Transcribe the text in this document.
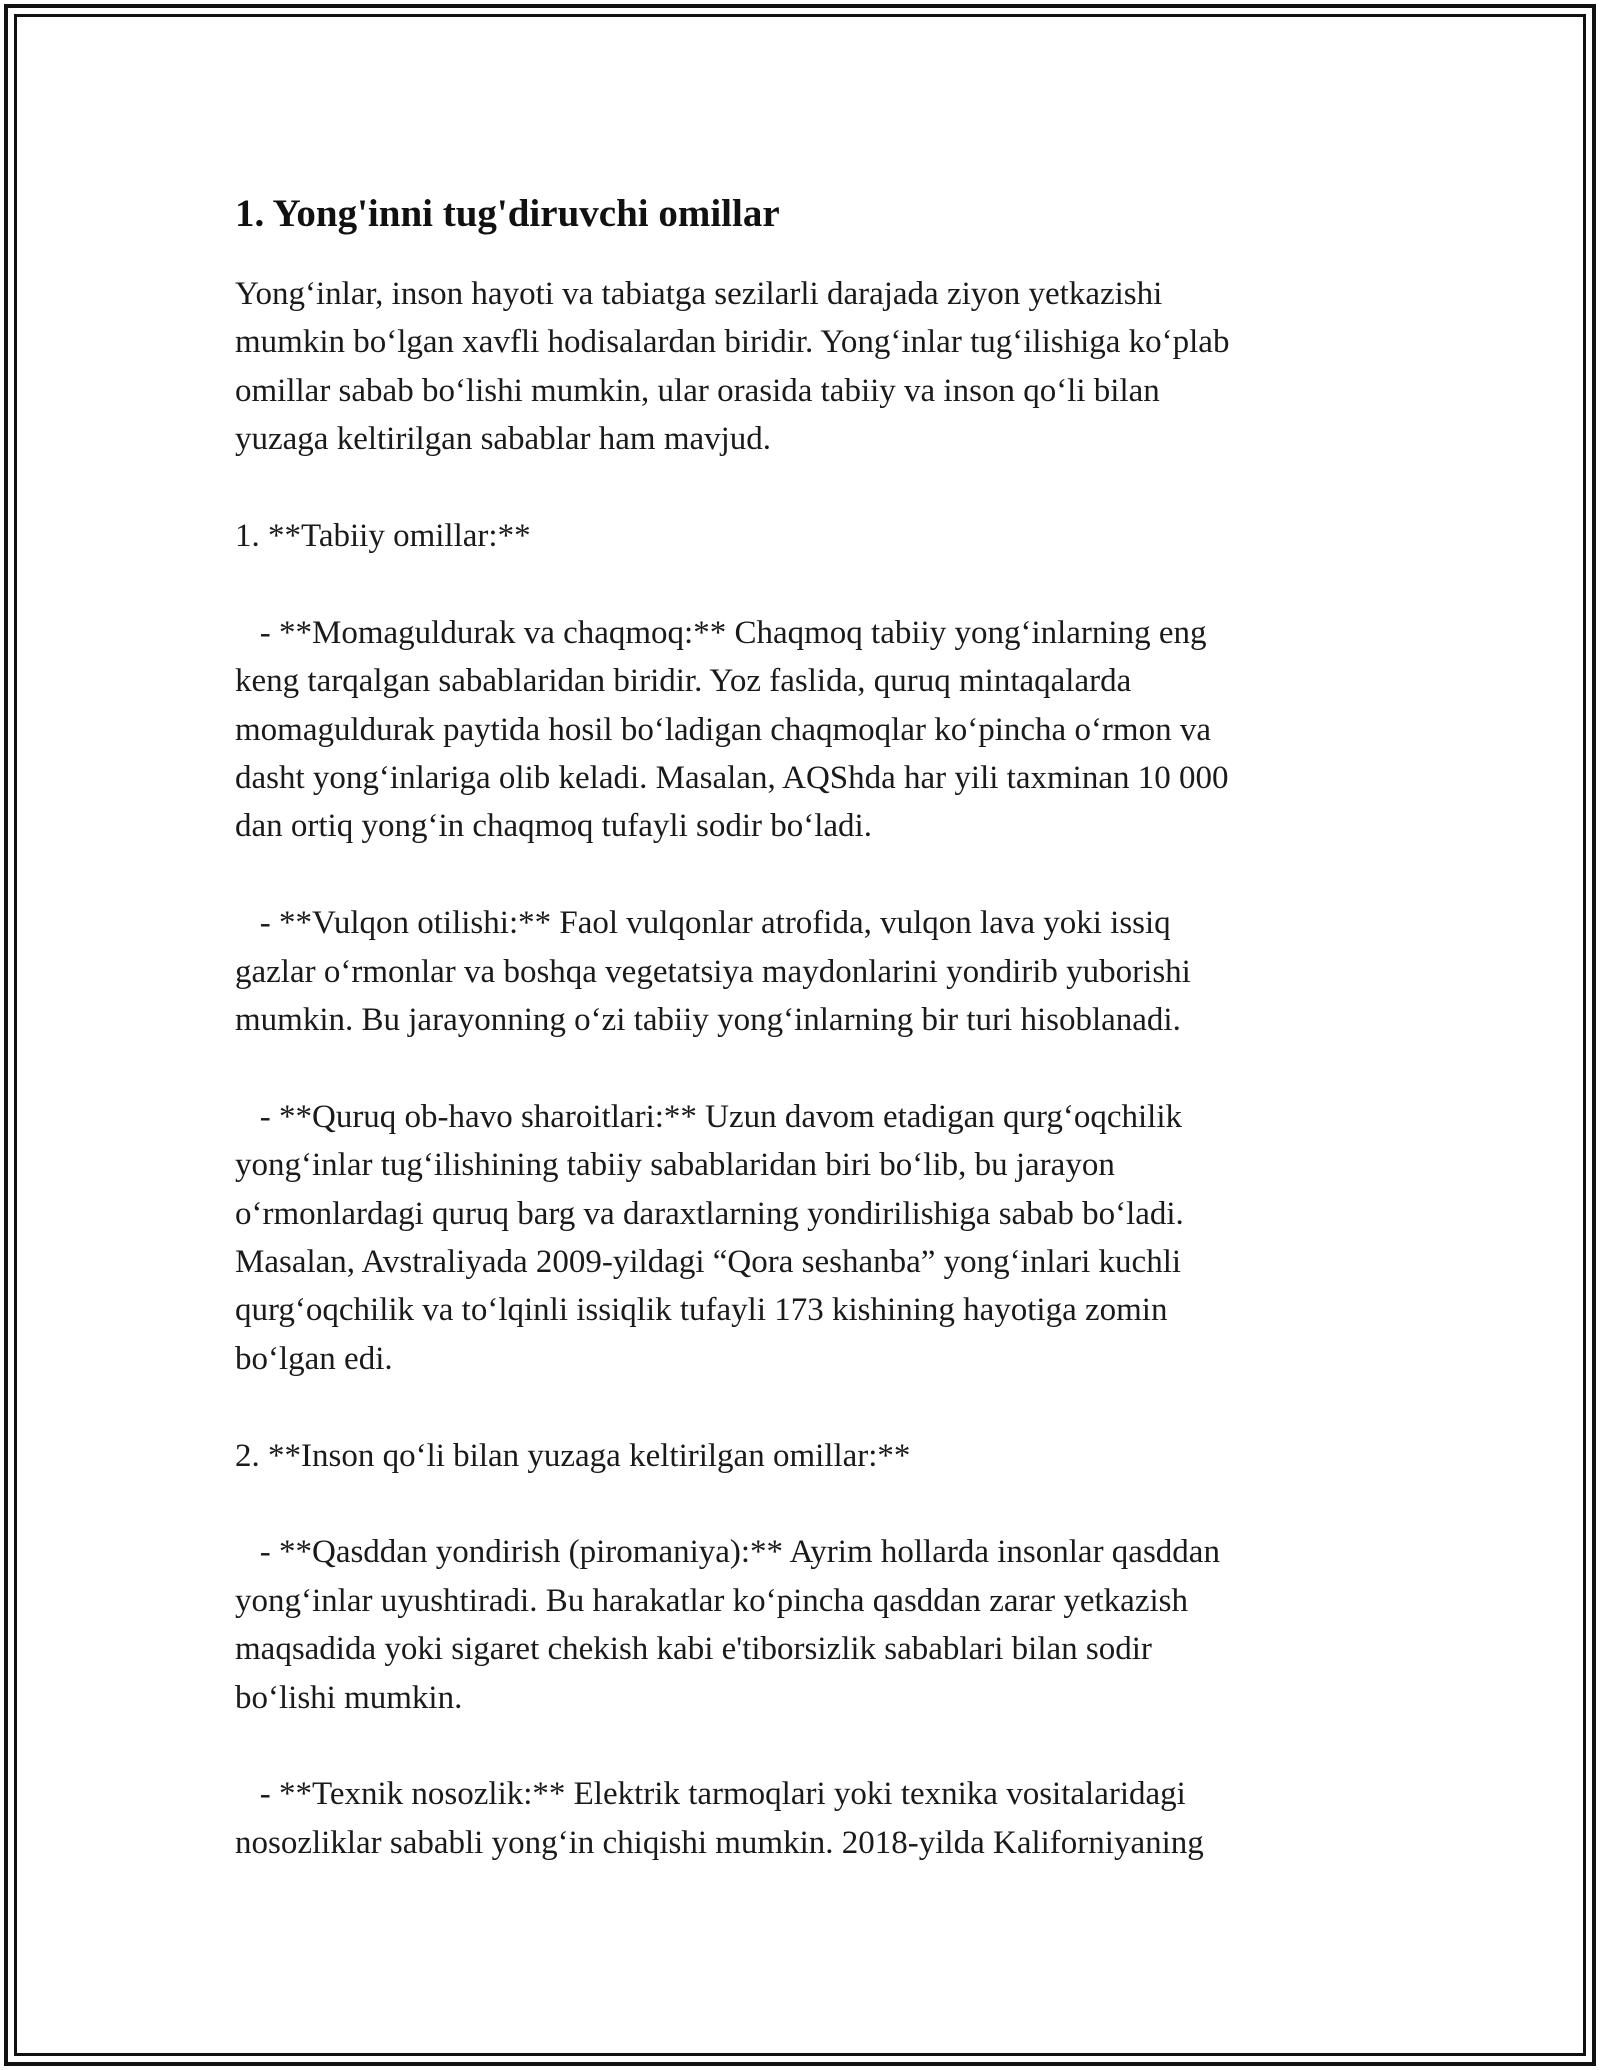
1. Yong'inni tug'diruvchi omillar

Yong‘inlar, inson hayoti va tabiatga sezilarli darajada ziyon yetkazishi
mumkin bo‘lgan xavfli hodisalardan biridir. Yong‘inlar tug‘ilishiga ko‘plab
omillar sabab bo‘lishi mumkin, ular orasida tabiiy va inson qo‘li bilan
yuzaga keltirilgan sabablar ham mavjud.

1. **Tabiiy omillar:**

- **Momaguldurak va chaqmoq:** Chaqmoq tabiiy yong‘inlarning eng
keng tarqalgan sabablaridan biridir. Yoz faslida, quruq mintaqalarda
momaguldurak paytida hosil bo‘ladigan chaqmoqlar ko‘pincha o‘rmon va
dasht yong‘inlariga olib keladi. Masalan, AQShda har yili taxminan 10 000
dan ortiq yong‘in chaqmoq tufayli sodir bo‘ladi.

- **Vulqon otilishi:** Faol vulqonlar atrofida, vulqon lava yoki issiq
gazlar o‘rmonlar va boshqa vegetatsiya maydonlarini yondirib yuborishi
mumkin. Bu jarayonning o‘zi tabiiy yong‘inlarning bir turi hisoblanadi.

- **Quruq ob-havo sharoitlari:** Uzun davom etadigan qurg‘oqchilik
yong‘inlar tug‘ilishining tabiiy sabablaridan biri bo‘lib, bu jarayon
o‘rmonlardagi quruq barg va daraxtlarning yondirilishiga sabab bo‘ladi.
Masalan, Avstraliyada 2009-yildagi “Qora seshanba” yong‘inlari kuchli
qurg‘oqchilik va to‘lqinli issiqlik tufayli 173 kishining hayotiga zomin
bo‘lgan edi.

2. **Inson qo‘li bilan yuzaga keltirilgan omillar:**

- **Qasddan yondirish (piromaniya):** Ayrim hollarda insonlar qasddan
yong‘inlar uyushtiradi. Bu harakatlar ko‘pincha qasddan zarar yetkazish
maqsadida yoki sigaret chekish kabi e'tiborsizlik sabablari bilan sodir
bo‘lishi mumkin.

- **Texnik nosozlik:** Elektrik tarmoqlari yoki texnika vositalaridagi
nosozliklar sababli yong‘in chiqishi mumkin. 2018-yilda Kaliforniyaning
